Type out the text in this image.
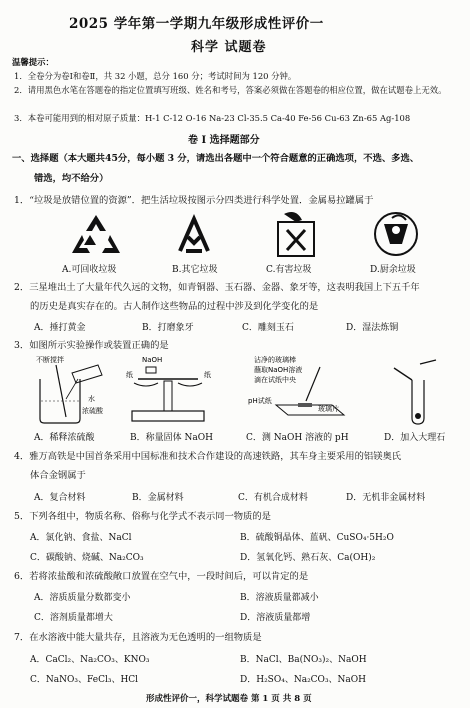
2025 学年第一学期九年级形成性评价一
科学 试题卷
温馨提示：
1．全卷分为卷Ⅰ和卷Ⅱ，共 32 小题，总分 160 分；考试时间为 120 分钟。
2．请用黑色水笔在答题卷的指定位置填写班级、姓名和考号，答案必须做在答题卷的相应位置，做在试题卷上无效。
3．本卷可能用到的相对原子质量：H-1 C-12 O-16 Na-23 Cl-35.5 Ca-40 Fe-56 Cu-63 Zn-65 Ag-108
卷 Ⅰ 选择题部分
一、选择题（本大题共45分，每小题 3 分，请选出各题中一个符合题意的正确选项，不选、多选、
错选，均不给分）
1．“垃圾是放错位置的资源”．把生活垃圾按图示分四类进行科学处置．金属易拉罐属于
A.可回收垃圾	B.其它垃圾	C.有害垃圾	D.厨余垃圾
2．三星堆出土了大量年代久远的文物，如青铜器、玉石器、金器、象牙等，这表明我国上下五千年
的历史是真实存在的。古人制作这些物品的过程中涉及到化学变化的是
A．捶打黄金	B．打磨象牙	C．雕刻玉石	D．湿法炼铜
3．如图所示实验操作或装置正确的是
不断搅拌
水
浓硫酸
NaOH
纸	纸
沾净的玻璃棒
蘸取NaOH溶液
滴在试纸中央
pH试纸
玻璃片
A．稀释浓硫酸	B．称量固体 NaOH	C．测 NaOH 溶液的 pH	D．加入大理石
4．雅万高铁是中国首条采用中国标准和技术合作建设的高速铁路，其车身主要采用的铝镁奥氏
体合金钢属于
A．复合材料	B．金属材料	C．有机合成材料	D．无机非金属材料
5．下列各组中，物质名称、俗称与化学式不表示同一物质的是
A．氯化钠、食盐、NaCl	B．硫酸铜晶体、蓝矾、CuSO₄·5H₂O
C．碳酸钠、烧碱、Na₂CO₃	D．氢氧化钙、熟石灰、Ca(OH)₂
6．若将浓盐酸和浓硫酸敞口放置在空气中，一段时间后，可以肯定的是
A．溶质质量分数都变小	B．溶液质量都减小
C．溶剂质量都增大	D．溶液质量都增
7．在水溶液中能大量共存，且溶液为无色透明的一组物质是
A．CaCl₂、Na₂CO₃、KNO₃	B．NaCl、Ba(NO₃)₂、NaOH
C．NaNO₃、FeCl₃、HCl	D．H₂SO₄、Na₂CO₃、NaOH
形成性评价一，科学试题卷 第 1 页 共 8 页
